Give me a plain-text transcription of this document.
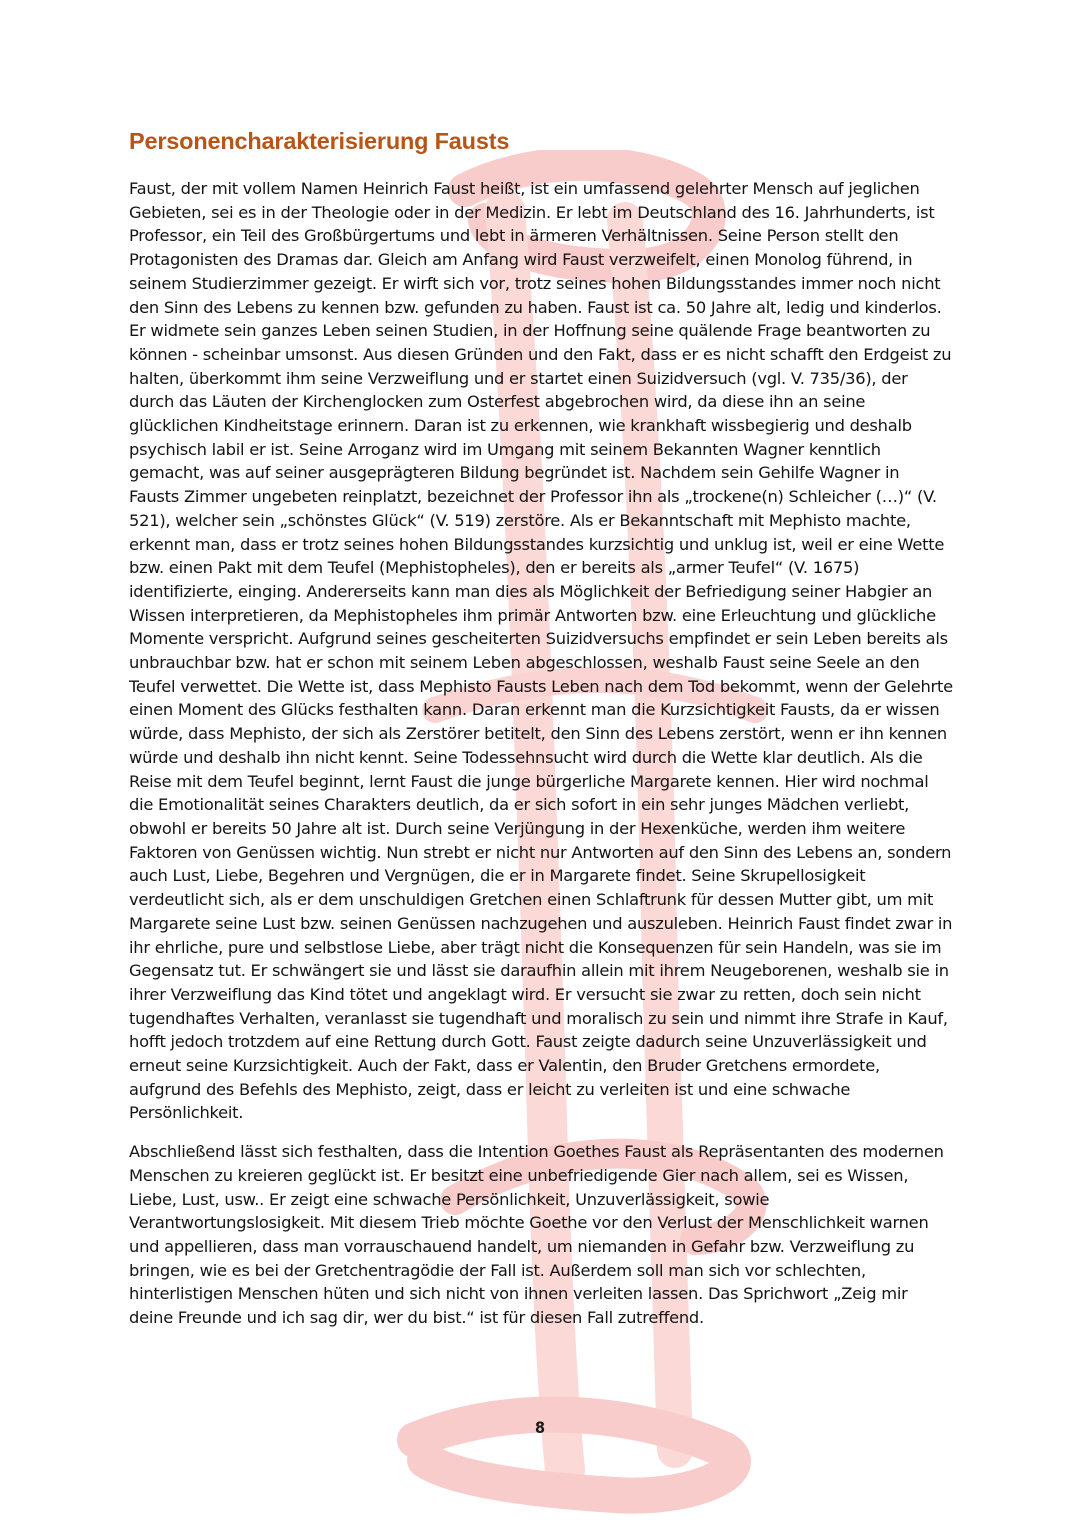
Personencharakterisierung Fausts

Faust, der mit vollem Namen Heinrich Faust heißt, ist ein umfassend gelehrter Mensch auf jeglichen Gebieten, sei es in der Theologie oder in der Medizin. Er lebt im Deutschland des 16. Jahrhunderts, ist Professor, ein Teil des Großbürgertums und lebt in ärmeren Verhältnissen. Seine Person stellt den Protagonisten des Dramas dar. Gleich am Anfang wird Faust verzweifelt, einen Monolog führend, in seinem Studierzimmer gezeigt. Er wirft sich vor, trotz seines hohen Bildungsstandes immer noch nicht den Sinn des Lebens zu kennen bzw. gefunden zu haben. Faust ist ca. 50 Jahre alt, ledig und kinderlos. Er widmete sein ganzes Leben seinen Studien, in der Hoffnung seine quälende Frage beantworten zu können - scheinbar umsonst. Aus diesen Gründen und den Fakt, dass er es nicht schafft den Erdgeist zu halten, überkommt ihm seine Verzweiflung und er startet einen Suizidversuch (vgl. V. 735/36), der durch das Läuten der Kirchenglocken zum Osterfest abgebrochen wird, da diese ihn an seine glücklichen Kindheitstage erinnern. Daran ist zu erkennen, wie krankhaft wissbegierig und deshalb psychisch labil er ist. Seine Arroganz wird im Umgang mit seinem Bekannten Wagner kenntlich gemacht, was auf seiner ausgeprägteren Bildung begründet ist. Nachdem sein Gehilfe Wagner in Fausts Zimmer ungebeten reinplatzt, bezeichnet der Professor ihn als „trockene(n) Schleicher (…)“ (V. 521), welcher sein „schönstes Glück“ (V. 519) zerstöre. Als er Bekanntschaft mit Mephisto machte, erkennt man, dass er trotz seines hohen Bildungsstandes kurzsichtig und unklug ist, weil er eine Wette bzw. einen Pakt mit dem Teufel (Mephistopheles), den er bereits als „armer Teufel“ (V. 1675) identifizierte, einging. Andererseits kann man dies als Möglichkeit der Befriedigung seiner Habgier an Wissen interpretieren, da Mephistopheles ihm primär Antworten bzw. eine Erleuchtung und glückliche Momente verspricht. Aufgrund seines gescheiterten Suizidversuchs empfindet er sein Leben bereits als unbrauchbar bzw. hat er schon mit seinem Leben abgeschlossen, weshalb Faust seine Seele an den Teufel verwettet. Die Wette ist, dass Mephisto Fausts Leben nach dem Tod bekommt, wenn der Gelehrte einen Moment des Glücks festhalten kann. Daran erkennt man die Kurzsichtigkeit Fausts, da er wissen würde, dass Mephisto, der sich als Zerstörer betitelt, den Sinn des Lebens zerstört, wenn er ihn kennen würde und deshalb ihn nicht kennt. Seine Todessehnsucht wird durch die Wette klar deutlich. Als die Reise mit dem Teufel beginnt, lernt Faust die junge bürgerliche Margarete kennen. Hier wird nochmal die Emotionalität seines Charakters deutlich, da er sich sofort in ein sehr junges Mädchen verliebt, obwohl er bereits 50 Jahre alt ist. Durch seine Verjüngung in der Hexenküche, werden ihm weitere Faktoren von Genüssen wichtig. Nun strebt er nicht nur Antworten auf den Sinn des Lebens an, sondern auch Lust, Liebe, Begehren und Vergnügen, die er in Margarete findet. Seine Skrupellosigkeit verdeutlicht sich, als er dem unschuldigen Gretchen einen Schlaftrunk für dessen Mutter gibt, um mit Margarete seine Lust bzw. seinen Genüssen nachzugehen und auszuleben. Heinrich Faust findet zwar in ihr ehrliche, pure und selbstlose Liebe, aber trägt nicht die Konsequenzen für sein Handeln, was sie im Gegensatz tut. Er schwängert sie und lässt sie daraufhin allein mit ihrem Neugeborenen, weshalb sie in ihrer Verzweiflung das Kind tötet und angeklagt wird. Er versucht sie zwar zu retten, doch sein nicht tugendhaftes Verhalten, veranlasst sie tugendhaft und moralisch zu sein und nimmt ihre Strafe in Kauf, hofft jedoch trotzdem auf eine Rettung durch Gott. Faust zeigte dadurch seine Unzuverlässigkeit und erneut seine Kurzsichtigkeit. Auch der Fakt, dass er Valentin, den Bruder Gretchens ermordete, aufgrund des Befehls des Mephisto, zeigt, dass er leicht zu verleiten ist und eine schwache Persönlichkeit.

Abschließend lässt sich festhalten, dass die Intention Goethes Faust als Repräsentanten des modernen Menschen zu kreieren geglückt ist. Er besitzt eine unbefriedigende Gier nach allem, sei es Wissen, Liebe, Lust, usw.. Er zeigt eine schwache Persönlichkeit, Unzuverlässigkeit, sowie Verantwortungslosigkeit. Mit diesem Trieb möchte Goethe vor den Verlust der Menschlichkeit warnen und appellieren, dass man vorrauschauend handelt, um niemanden in Gefahr bzw. Verzweiflung zu bringen, wie es bei der Gretchentragödie der Fall ist. Außerdem soll man sich vor schlechten, hinterlistigen Menschen hüten und sich nicht von ihnen verleiten lassen. Das Sprichwort „Zeig mir deine Freunde und ich sag dir, wer du bist.“ ist für diesen Fall zutreffend.

8
